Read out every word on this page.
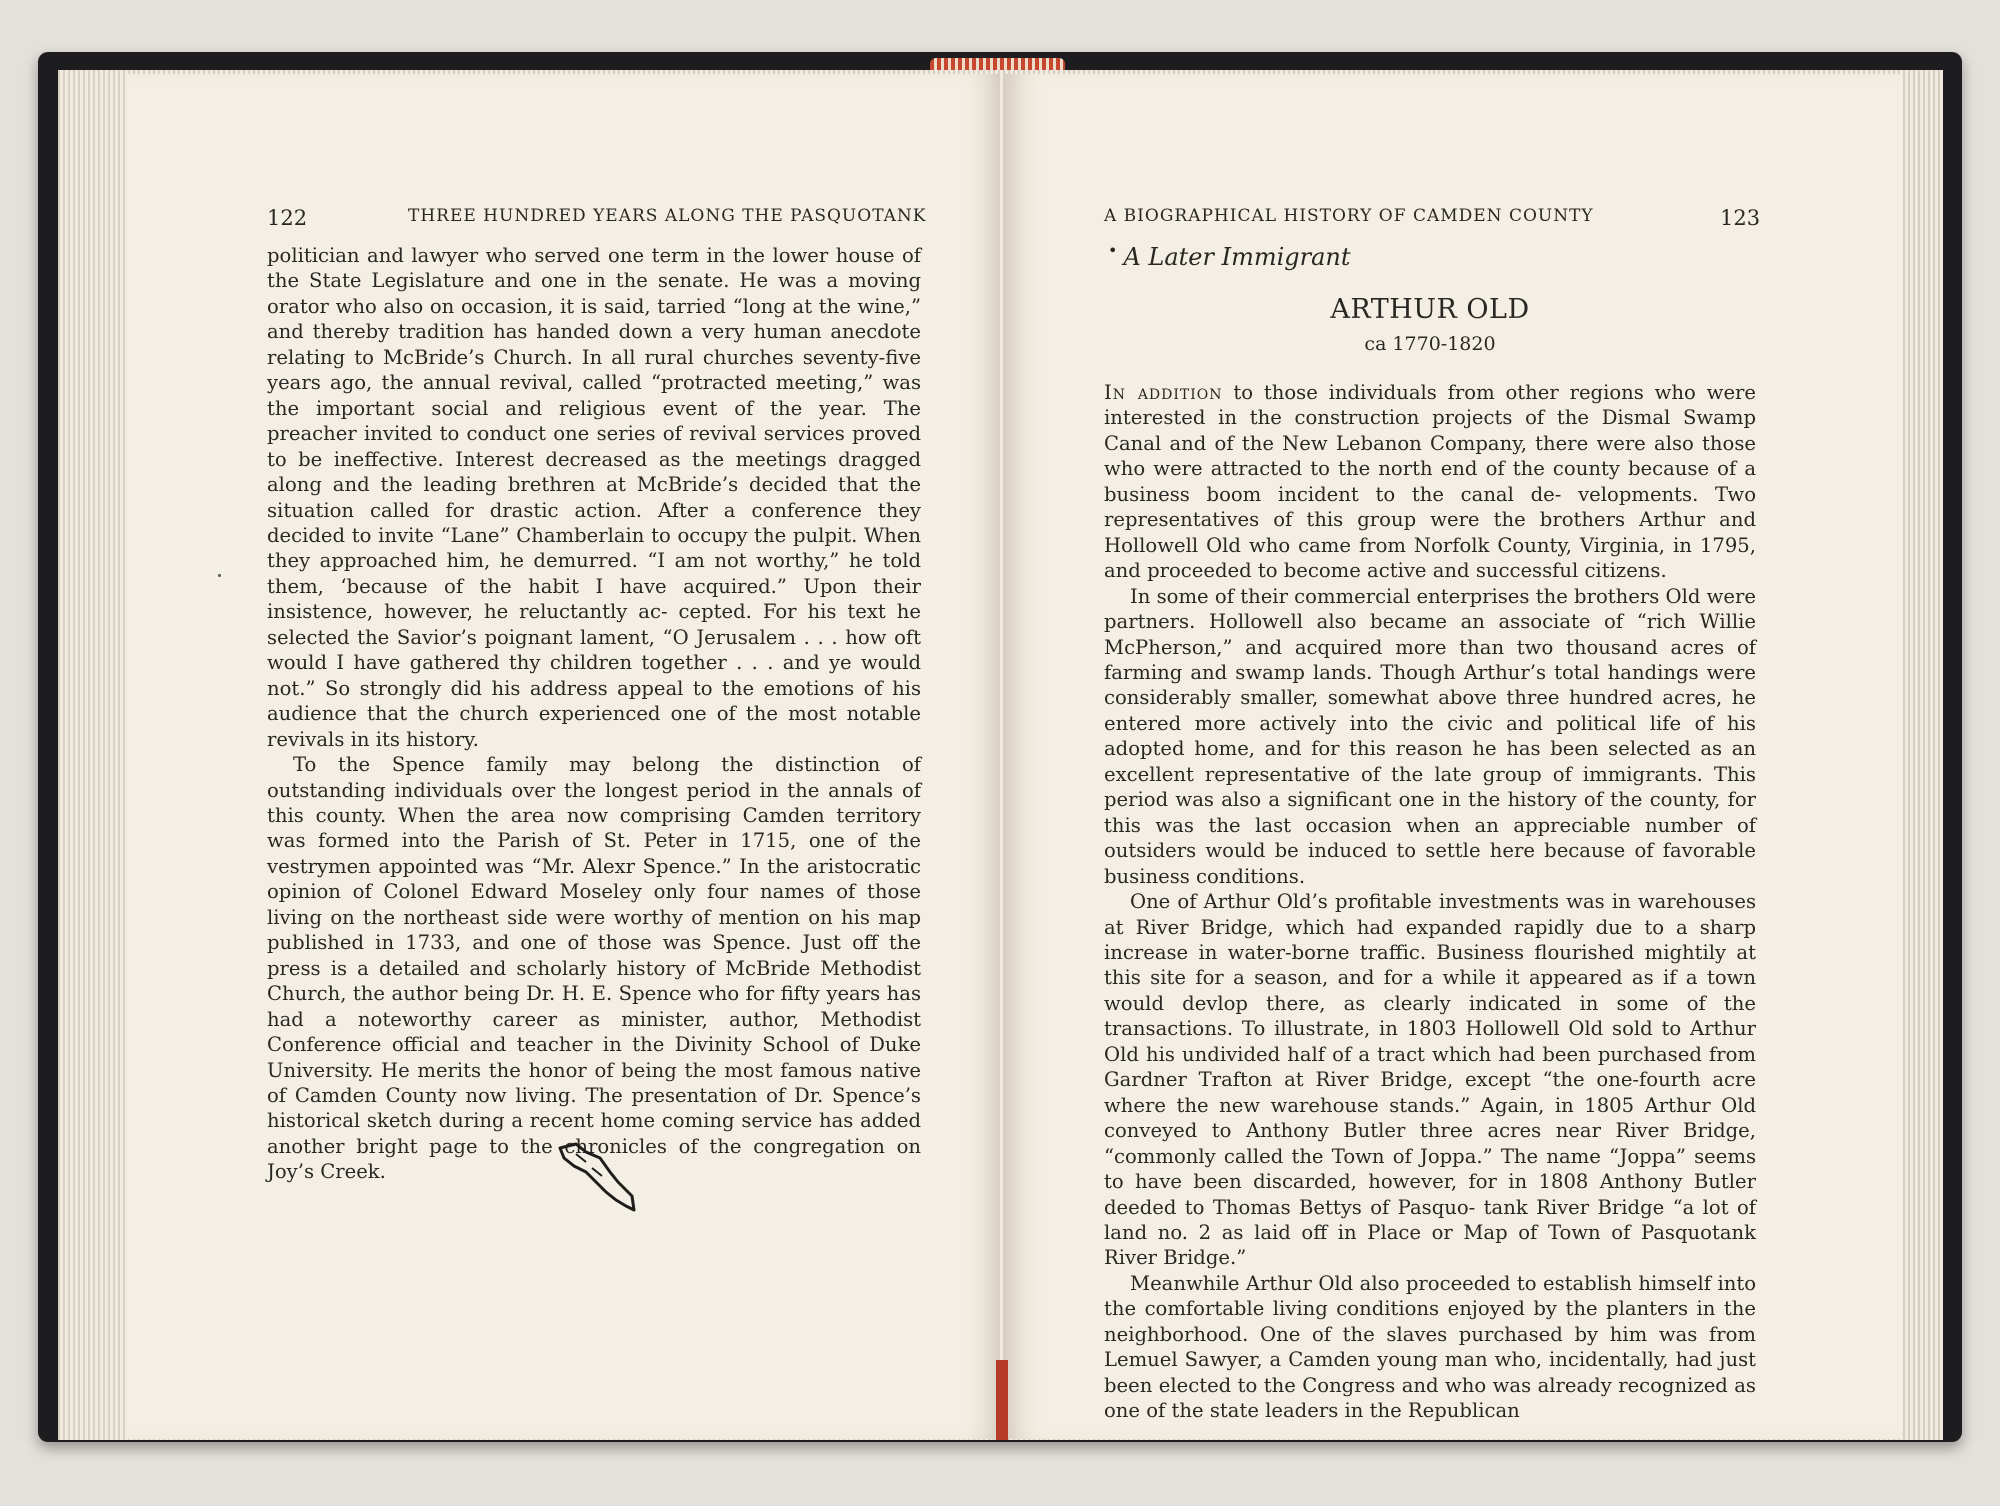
122	THREE HUNDRED YEARS ALONG THE PASQUOTANK

politician and lawyer who served one term in the lower house of the State Legislature and one in the senate. He was a moving orator who also on occasion, it is said, tarried “long at the wine,” and thereby tradition has handed down a very human anecdote relating to McBride’s Church. In all rural churches seventy-five years ago, the annual revival, called “protracted meeting,” was the important social and religious event of the year. The preacher invited to conduct one series of revival services proved to be ineffective. Interest decreased as the meetings dragged along and the leading brethren at McBride’s decided that the situation called for drastic action. After a conference they decided to invite “Lane” Chamberlain to occupy the pulpit. When they approached him, he demurred. “I am not worthy,” he told them, ‘because of the habit I have acquired.” Upon their insistence, however, he reluctantly ac- cepted. For his text he selected the Savior’s poignant lament, “O Jerusalem . . . how oft would I have gathered thy children together . . . and ye would not.” So strongly did his address appeal to the emotions of his audience that the church experienced one of the most notable revivals in its history.

To the Spence family may belong the distinction of outstanding individuals over the longest period in the annals of this county. When the area now comprising Camden territory was formed into the Parish of St. Peter in 1715, one of the vestrymen appointed was “Mr. Alexr Spence.” In the aristocratic opinion of Colonel Edward Moseley only four names of those living on the northeast side were worthy of mention on his map published in 1733, and one of those was Spence. Just off the press is a detailed and scholarly history of McBride Methodist Church, the author being Dr. H. E. Spence who for fifty years has had a noteworthy career as minister, author, Methodist Conference official and teacher in the Divinity School of Duke University. He merits the honor of being the most famous native of Camden County now living. The presentation of Dr. Spence’s historical sketch during a recent home coming service has added another bright page to the chronicles of the congregation on Joy’s Creek.

A BIOGRAPHICAL HISTORY OF CAMDEN COUNTY	123
• A Later Immigrant
ARTHUR OLD
ca 1770-1820

In addition to those individuals from other regions who were interested in the construction projects of the Dismal Swamp Canal and of the New Lebanon Company, there were also those who were attracted to the north end of the county because of a business boom incident to the canal de- velopments. Two representatives of this group were the brothers Arthur and Hollowell Old who came from Norfolk County, Virginia, in 1795, and proceeded to become active and successful citizens.

In some of their commercial enterprises the brothers Old were partners. Hollowell also became an associate of “rich Willie McPherson,” and acquired more than two thousand acres of farming and swamp lands. Though Arthur’s total handings were considerably smaller, somewhat above three hundred acres, he entered more actively into the civic and political life of his adopted home, and for this reason he has been selected as an excellent representative of the late group of immigrants. This period was also a significant one in the history of the county, for this was the last occasion when an appreciable number of outsiders would be induced to settle here because of favorable business conditions.

One of Arthur Old’s profitable investments was in warehouses at River Bridge, which had expanded rapidly due to a sharp increase in water-borne traffic. Business flourished mightily at this site for a season, and for a while it appeared as if a town would devlop there, as clearly indicated in some of the transactions. To illustrate, in 1803 Hollowell Old sold to Arthur Old his undivided half of a tract which had been purchased from Gardner Trafton at River Bridge, except “the one-fourth acre where the new warehouse stands.” Again, in 1805 Arthur Old conveyed to Anthony Butler three acres near River Bridge, “commonly called the Town of Joppa.” The name “Joppa” seems to have been discarded, however, for in 1808 Anthony Butler deeded to Thomas Bettys of Pasquo- tank River Bridge “a lot of land no. 2 as laid off in Place or Map of Town of Pasquotank River Bridge.”

Meanwhile Arthur Old also proceeded to establish himself into the comfortable living conditions enjoyed by the planters in the neighborhood. One of the slaves purchased by him was from Lemuel Sawyer, a Camden young man who, incidentally, had just been elected to the Congress and who was already recognized as one of the state leaders in the Republican
